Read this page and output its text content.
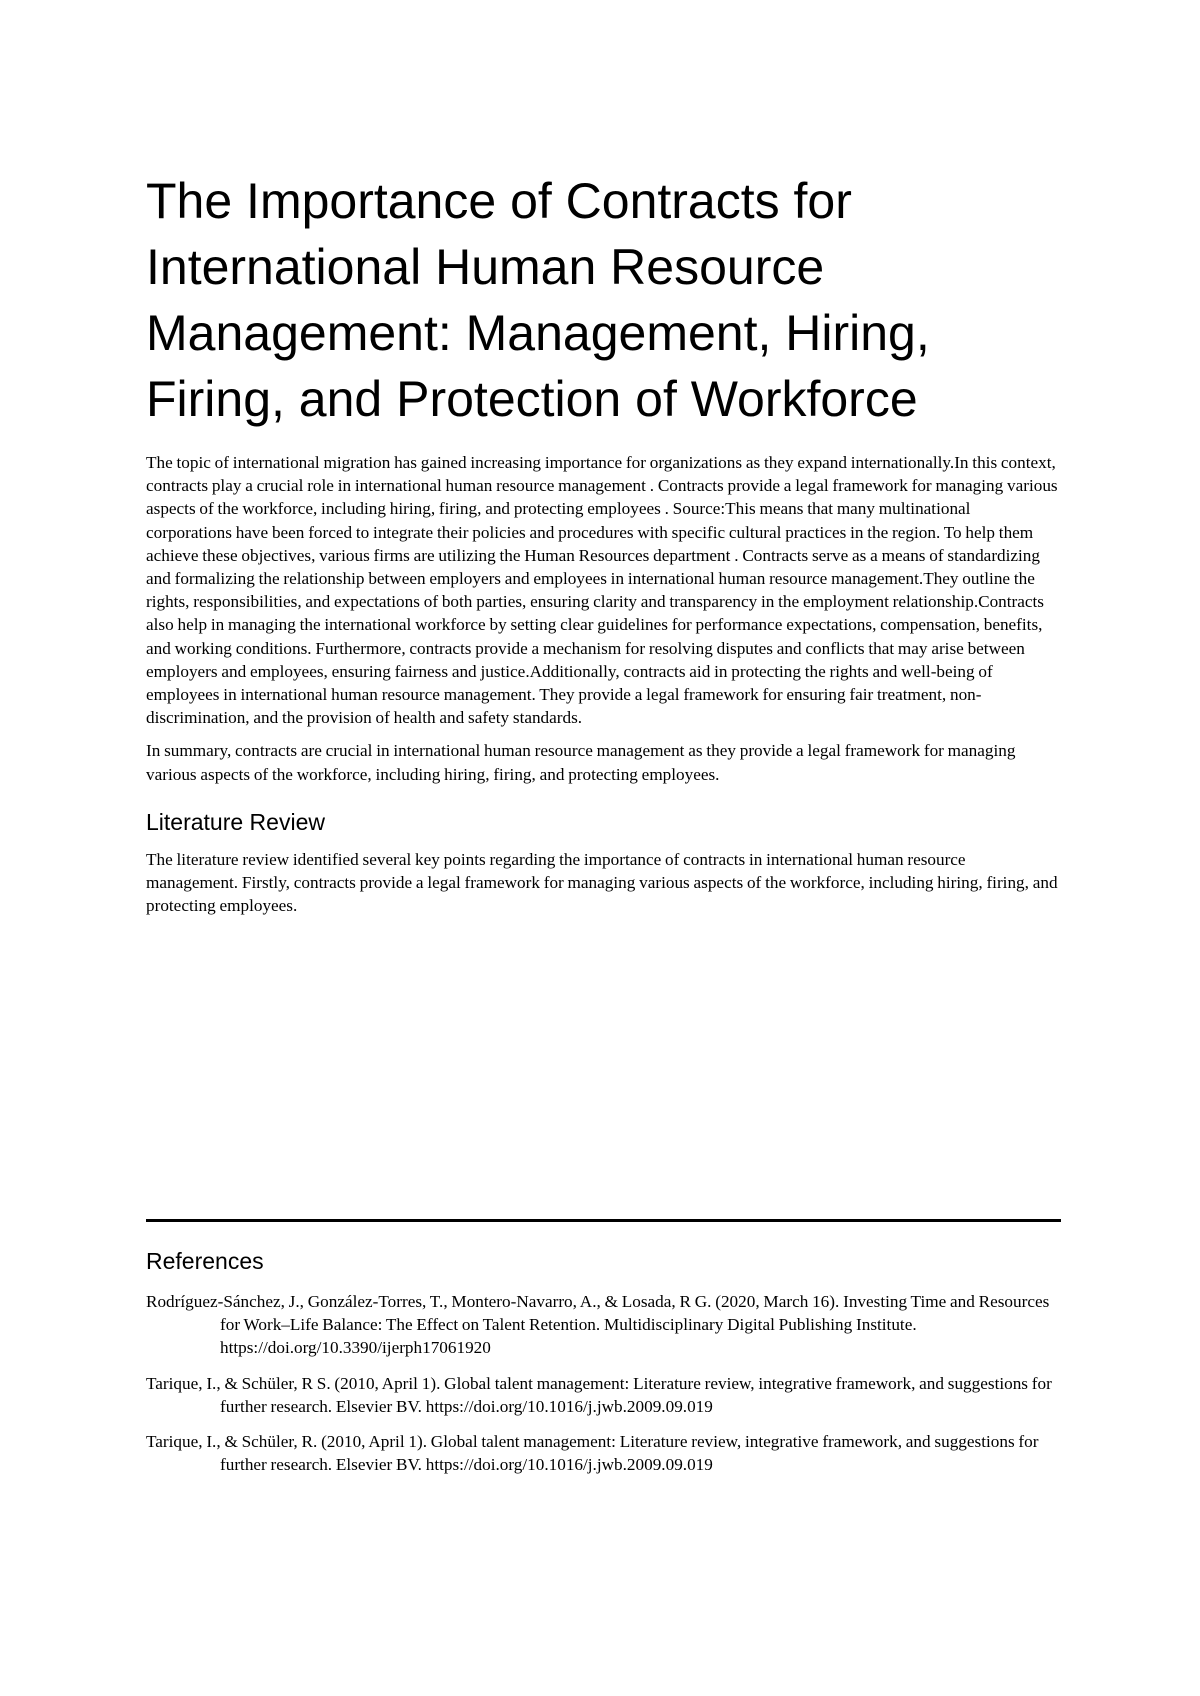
The Importance of Contracts for International Human Resource Management: Management, Hiring, Firing, and Protection of Workforce

The topic of international migration has gained increasing importance for organizations as they expand internationally.In this context, contracts play a crucial role in international human resource management . Contracts provide a legal framework for managing various aspects of the workforce, including hiring, firing, and protecting employees . Source:This means that many multinational corporations have been forced to integrate their policies and procedures with specific cultural practices in the region. To help them achieve these objectives, various firms are utilizing the Human Resources department . Contracts serve as a means of standardizing and formalizing the relationship between employers and employees in international human resource management.They outline the rights, responsibilities, and expectations of both parties, ensuring clarity and transparency in the employment relationship.Contracts also help in managing the international workforce by setting clear guidelines for performance expectations, compensation, benefits, and working conditions. Furthermore, contracts provide a mechanism for resolving disputes and conflicts that may arise between employers and employees, ensuring fairness and justice.Additionally, contracts aid in protecting the rights and well-being of employees in international human resource management. They provide a legal framework for ensuring fair treatment, non-discrimination, and the provision of health and safety standards.

In summary, contracts are crucial in international human resource management as they provide a legal framework for managing various aspects of the workforce, including hiring, firing, and protecting employees.

Literature Review

The literature review identified several key points regarding the importance of contracts in international human resource management. Firstly, contracts provide a legal framework for managing various aspects of the workforce, including hiring, firing, and protecting employees.

References

Rodríguez-Sánchez, J., González-Torres, T., Montero-Navarro, A., & Losada, R G. (2020, March 16). Investing Time and Resources for Work–Life Balance: The Effect on Talent Retention. Multidisciplinary Digital Publishing Institute. https://doi.org/10.3390/ijerph17061920

Tarique, I., & Schüler, R S. (2010, April 1). Global talent management: Literature review, integrative framework, and suggestions for further research. Elsevier BV. https://doi.org/10.1016/j.jwb.2009.09.019

Tarique, I., & Schüler, R. (2010, April 1). Global talent management: Literature review, integrative framework, and suggestions for further research. Elsevier BV. https://doi.org/10.1016/j.jwb.2009.09.019
